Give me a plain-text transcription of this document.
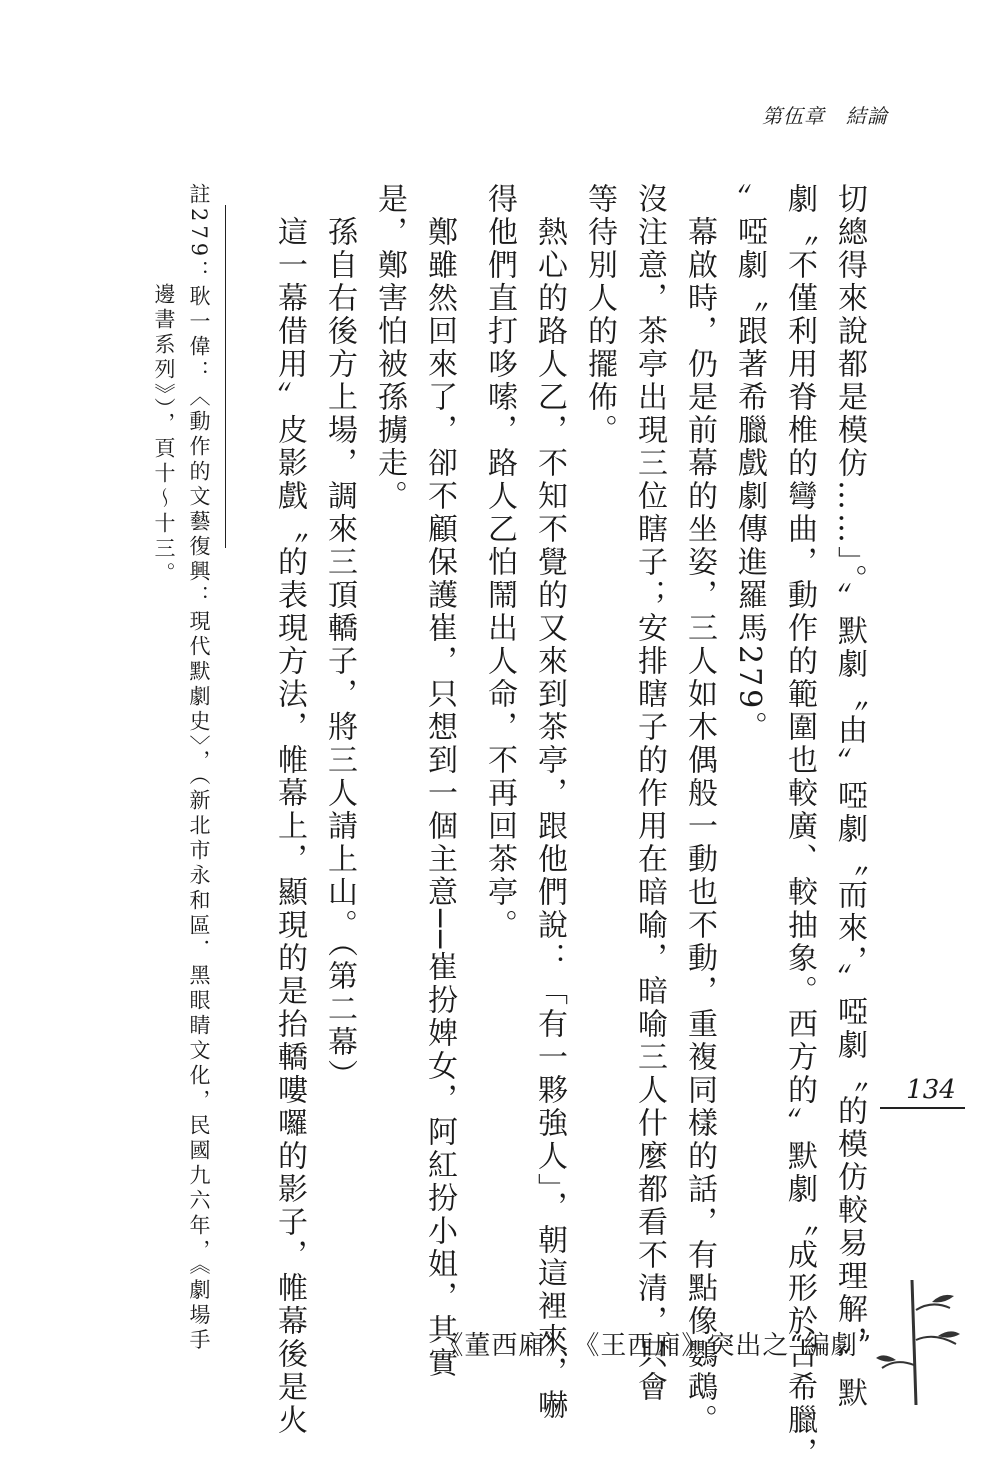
第伍章　結論
切總得來說都是模仿……」。〞默劇〝由〞啞劇〝而來，〞啞劇〝的模仿較易理解，〞默
劇〝不僅利用脊椎的彎曲，動作的範圍也較廣、較抽象。西方的〞默劇〝成形於古希臘，
〞啞劇〝跟著希臘戲劇傳進羅馬279。
　幕啟時，仍是前幕的坐姿，三人如木偶般一動也不動，重複同樣的話，有點像鸚鵡。
沒注意，茶亭出現三位瞎子；安排瞎子的作用在暗喻，暗喻三人什麼都看不清，只會
等待別人的擺佈。
　熱心的路人乙，不知不覺的又來到茶亭，跟他們說：「有一夥強人」，朝這裡來，嚇
得他們直打哆嗦，路人乙怕鬧出人命，不再回茶亭。
　鄭雖然回來了，卻不顧保護崔，只想到一個主意──崔扮婢女，阿紅扮小姐，其實
是，鄭害怕被孫擄走。
　孫自右後方上場，調來三頂轎子，將三人請上山。（第二幕）
　這一幕借用〞皮影戲〝的表現方法，帷幕上，顯現的是抬轎嘍囉的影子，帷幕後是火
註279：耿一偉：〈動作的文藝復興：現代默劇史〉，（新北市永和區．黑眼睛文化，民國九六年，《劇場手
　　　　邊書系列》），頁十～十三。
134
《董西廂》、《王西廂》突出之“編劇”
